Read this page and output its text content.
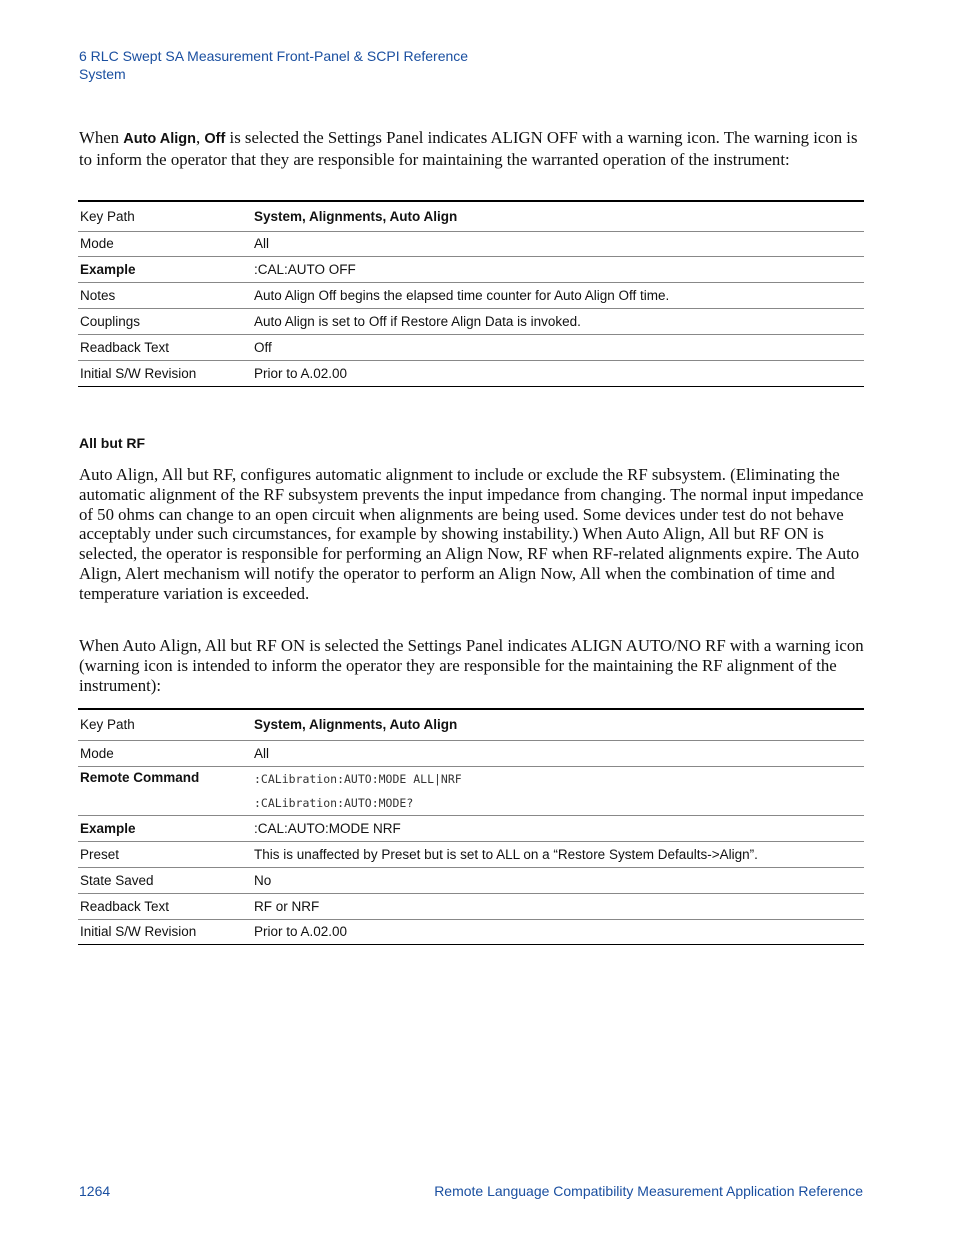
6 RLC Swept SA Measurement Front-Panel & SCPI Reference
System
When Auto Align, Off is selected the Settings Panel indicates ALIGN OFF with a warning icon. The warning icon is to inform the operator that they are responsible for maintaining the warranted operation of the instrument:
Key Path	System, Alignments, Auto Align
Mode	All
Example	:CAL:AUTO OFF
Notes	Auto Align Off begins the elapsed time counter for Auto Align Off time.
Couplings	Auto Align is set to Off if Restore Align Data is invoked.
Readback Text	Off
Initial S/W Revision	Prior to A.02.00
All but RF
Auto Align, All but RF, configures automatic alignment to include or exclude the RF subsystem. (Eliminating the automatic alignment of the RF subsystem prevents the input impedance from changing. The normal input impedance of 50 ohms can change to an open circuit when alignments are being used. Some devices under test do not behave acceptably under such circumstances, for example by showing instability.) When Auto Align, All but RF ON is selected, the operator is responsible for performing an Align Now, RF when RF-related alignments expire. The Auto Align, Alert mechanism will notify the operator to perform an Align Now, All when the combination of time and temperature variation is exceeded.
When Auto Align, All but RF ON is selected the Settings Panel indicates ALIGN AUTO/NO RF with a warning icon (warning icon is intended to inform the operator they are responsible for the maintaining the RF alignment of the instrument):
Key Path	System, Alignments, Auto Align
Mode	All
Remote Command	:CALibration:AUTO:MODE ALL|NRF
:CALibration:AUTO:MODE?

Example	:CAL:AUTO:MODE NRF
Preset	This is unaffected by Preset but is set to ALL on a “Restore System Defaults->Align”.
State Saved	No
Readback Text	RF or NRF
Initial S/W Revision	Prior to A.02.00
1264	Remote Language Compatibility Measurement Application Reference
